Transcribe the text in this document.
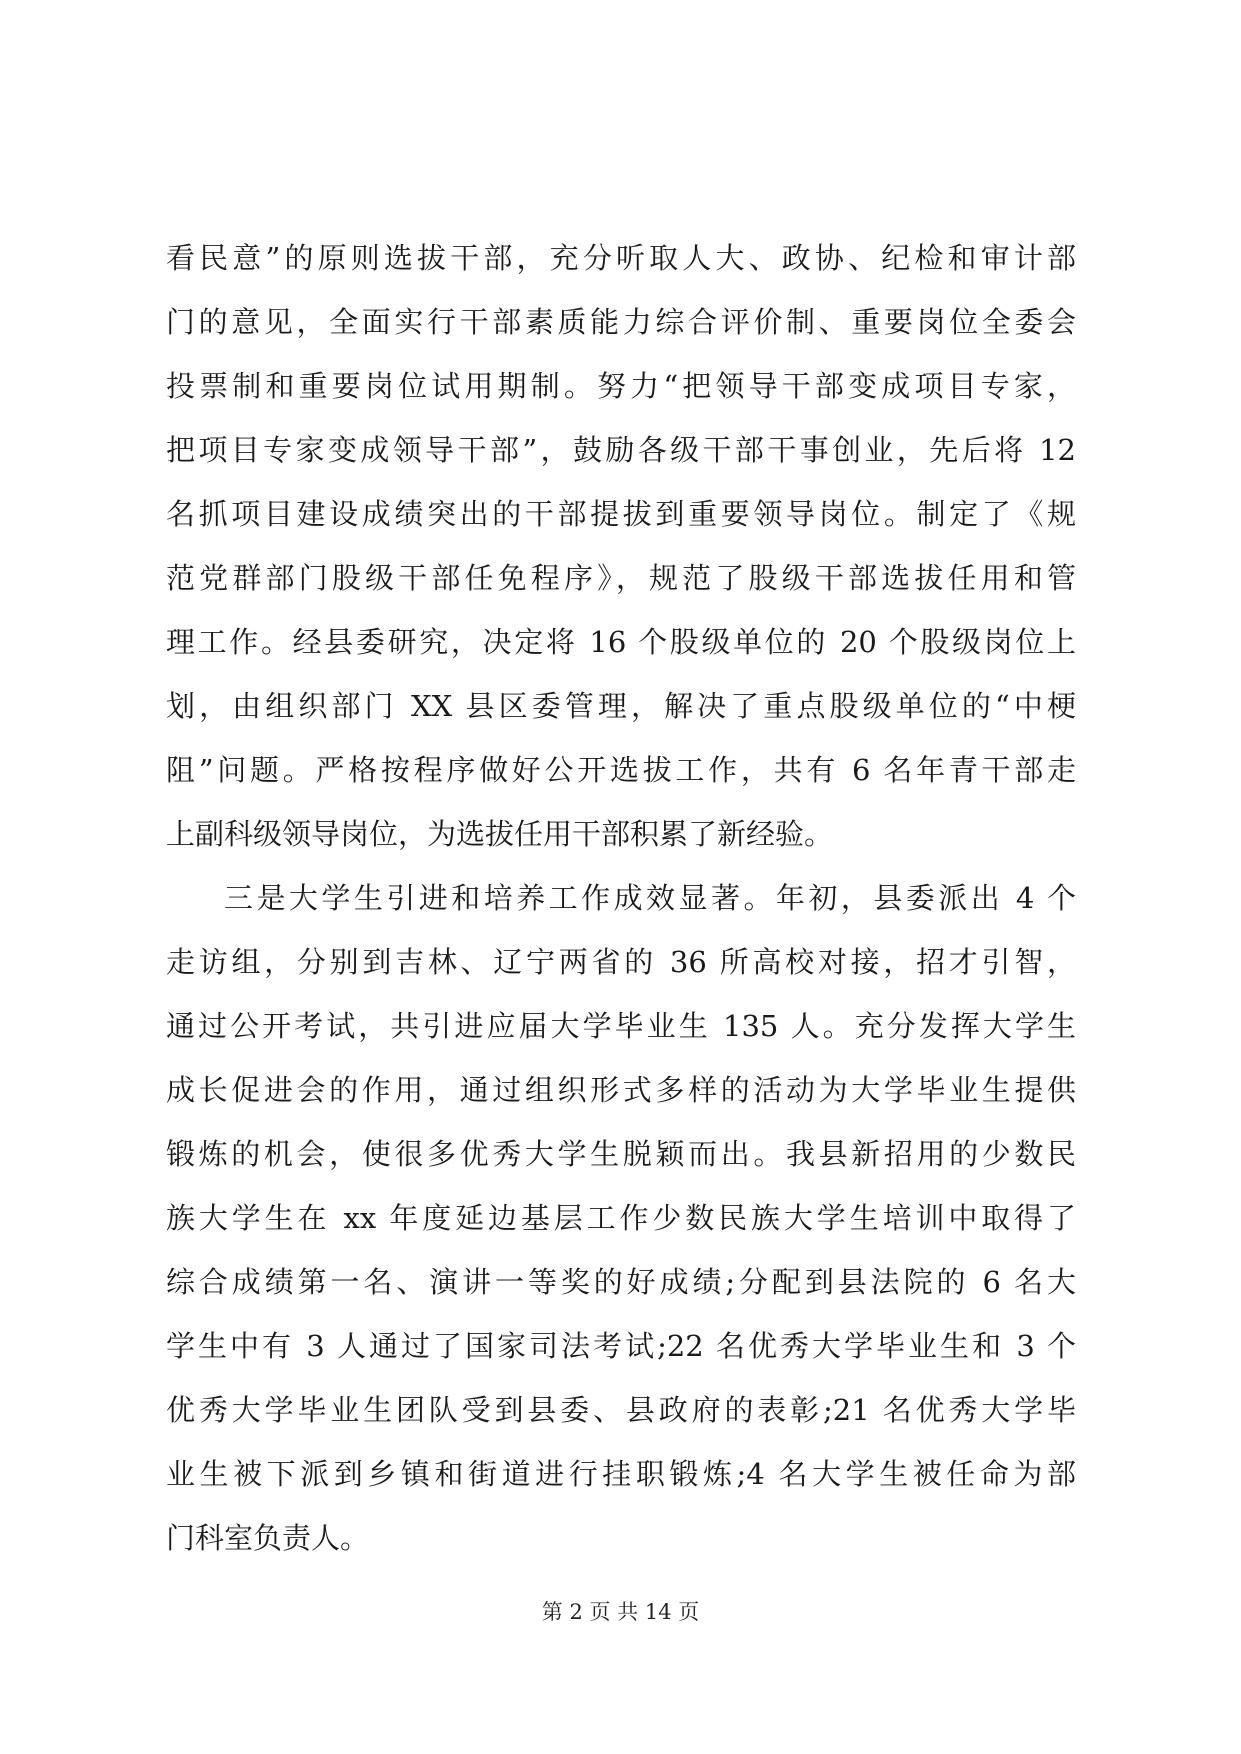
看民意”的原则选拔干部，充分听取人大、政协、纪检和审计部
门的意见，全面实行干部素质能力综合评价制、重要岗位全委会
投票制和重要岗位试用期制。努力“把领导干部变成项目专家，
把项目专家变成领导干部”，鼓励各级干部干事创业，先后将 12
名抓项目建设成绩突出的干部提拔到重要领导岗位。制定了《规
范党群部门股级干部任免程序》，规范了股级干部选拔任用和管
理工作。经县委研究，决定将 16 个股级单位的 20 个股级岗位上
划，由组织部门 XX 县区委管理，解决了重点股级单位的“中梗
阻”问题。严格按程序做好公开选拔工作，共有 6 名年青干部走
上副科级领导岗位，为选拔任用干部积累了新经验。
三是大学生引进和培养工作成效显著。年初，县委派出 4 个
走访组，分别到吉林、辽宁两省的 36 所高校对接，招才引智，
通过公开考试，共引进应届大学毕业生 135 人。充分发挥大学生
成长促进会的作用，通过组织形式多样的活动为大学毕业生提供
锻炼的机会，使很多优秀大学生脱颖而出。我县新招用的少数民
族大学生在 xx 年度延边基层工作少数民族大学生培训中取得了
综合成绩第一名、演讲一等奖的好成绩;分配到县法院的 6 名大
学生中有 3 人通过了国家司法考试;22 名优秀大学毕业生和 3 个
优秀大学毕业生团队受到县委、县政府的表彰;21 名优秀大学毕
业生被下派到乡镇和街道进行挂职锻炼;4 名大学生被任命为部
门科室负责人。
第 2 页 共 14 页
